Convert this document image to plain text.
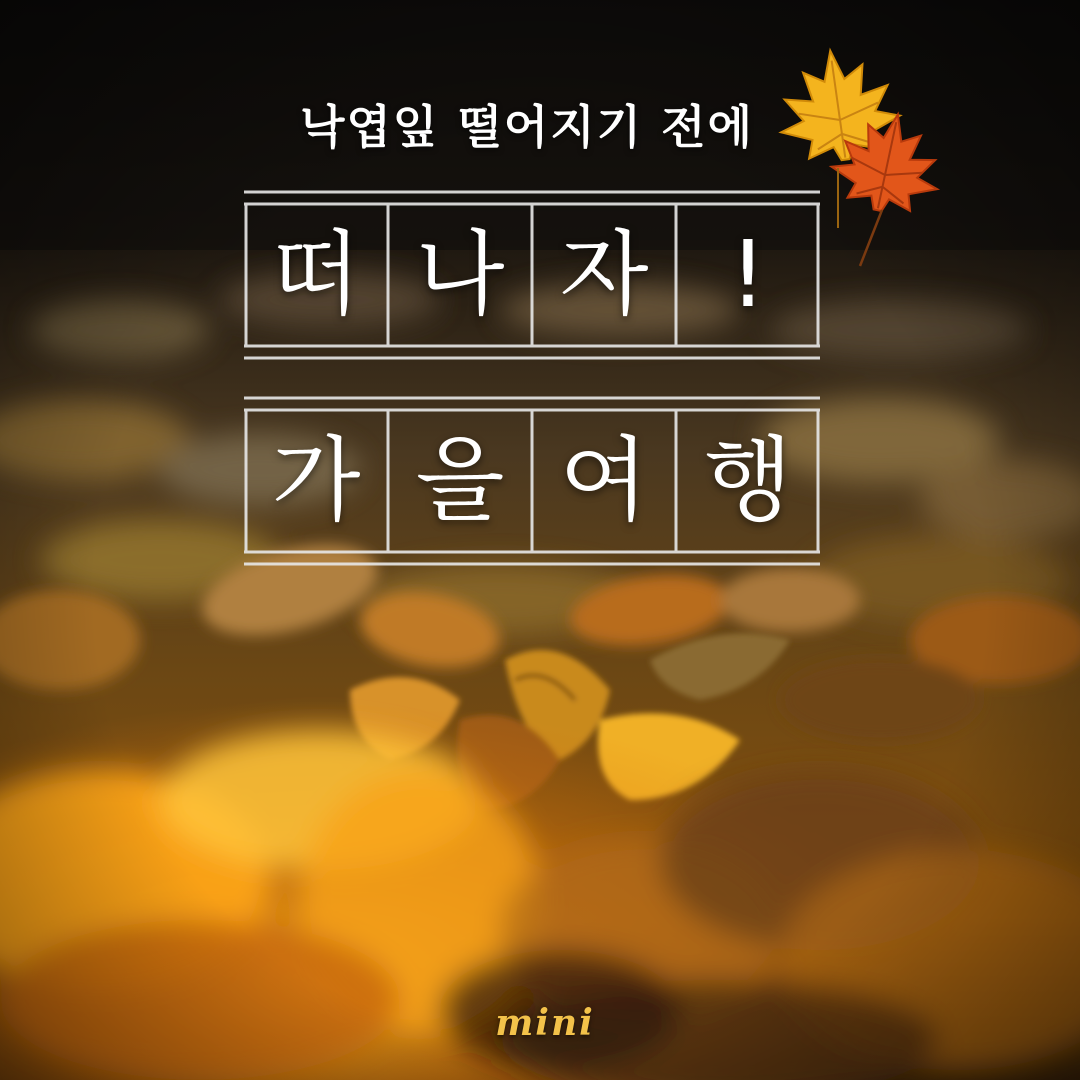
낙엽잎 떨어지기 전에
떠 나 자 !
가 을 여 행
mini
